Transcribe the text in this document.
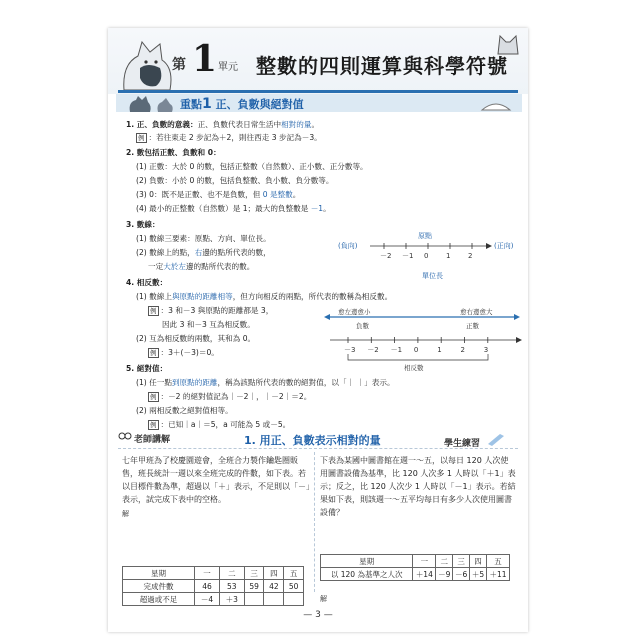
第 1 單元 整數的四則運算與科學符號
重點1 正、負數與絕對值
1. 正、負數的意義：正、負數代表日常生活中相對的量。
例 ：若往東走 2 步記為＋2，則往西走 3 步記為－3。
2. 數包括正數、負數和 0：
(1) 正數：大於 0 的數，包括正整數（自然數）、正小數、正分數等。
(2) 負數：小於 0 的數，包括負整數、負小數、負分數等。
(3) 0：既不是正數、也不是負數，但 0 是整數。
(4) 最小的正整數（自然數）是 1；最大的負整數是 －1。
3. 數線：
(1) 數線三要素：原點、方向、單位長。
(2) 數線上的點，右邊的點所代表的數，
一定大於左邊的點所代表的數。
4. 相反數：
(1) 數線上與原點的距離相等，但方向相反的兩點，所代表的數稱為相反數。
例 ：3 和－3 與原點的距離都是 3，
因此 3 和－3 互為相反數。
(2) 互為相反數的兩數，其和為 0。
例 ：3＋(－3)＝0。
5. 絕對值：
(1) 任一點到原點的距離，稱為該點所代表的數的絕對值，以「｜ ｜」表示。
例 ：－2 的絕對值記為｜－2｜，｜－2｜＝2。
(2) 兩相反數之絕對值相等。
例 ：已知｜a｜＝5，a 可能為 5 或－5。
(負向)	(正向)
原點
－2 －1 0	1	2
單位長
愈左邊愈小	愈右邊愈大
負數	正數
－3 －2 －1 0	1	2	3
相反數
老師講解	1. 用正、負數表示相對的量	學生練習
七年甲班為了校慶園遊會，全班合力製作鑰匙圈販售，班長統計一週以來全班完成的件數，如下表。若以目標件數為準，超過以「＋」表示，不足則以「－」表示，試完成下表中的空格。
解
星期	一	二	三	四	五
完成件數	46	53	59	42	50
超過或不足	－4	＋3			
下表為某國中圖書館在週一～五，以每日 120 人次使用圖書設備為基準，比 120 人次多 1 人時以「＋1」表示；反之，比 120 人次少 1 人時以「－1」表示。若結果如下表，則該週一～五平均每日有多少人次使用圖書設備？
星期	一	二	三	四	五
以 120 為基準之人次	＋14	－9	－6	＋5	＋11
解
— 3 —
